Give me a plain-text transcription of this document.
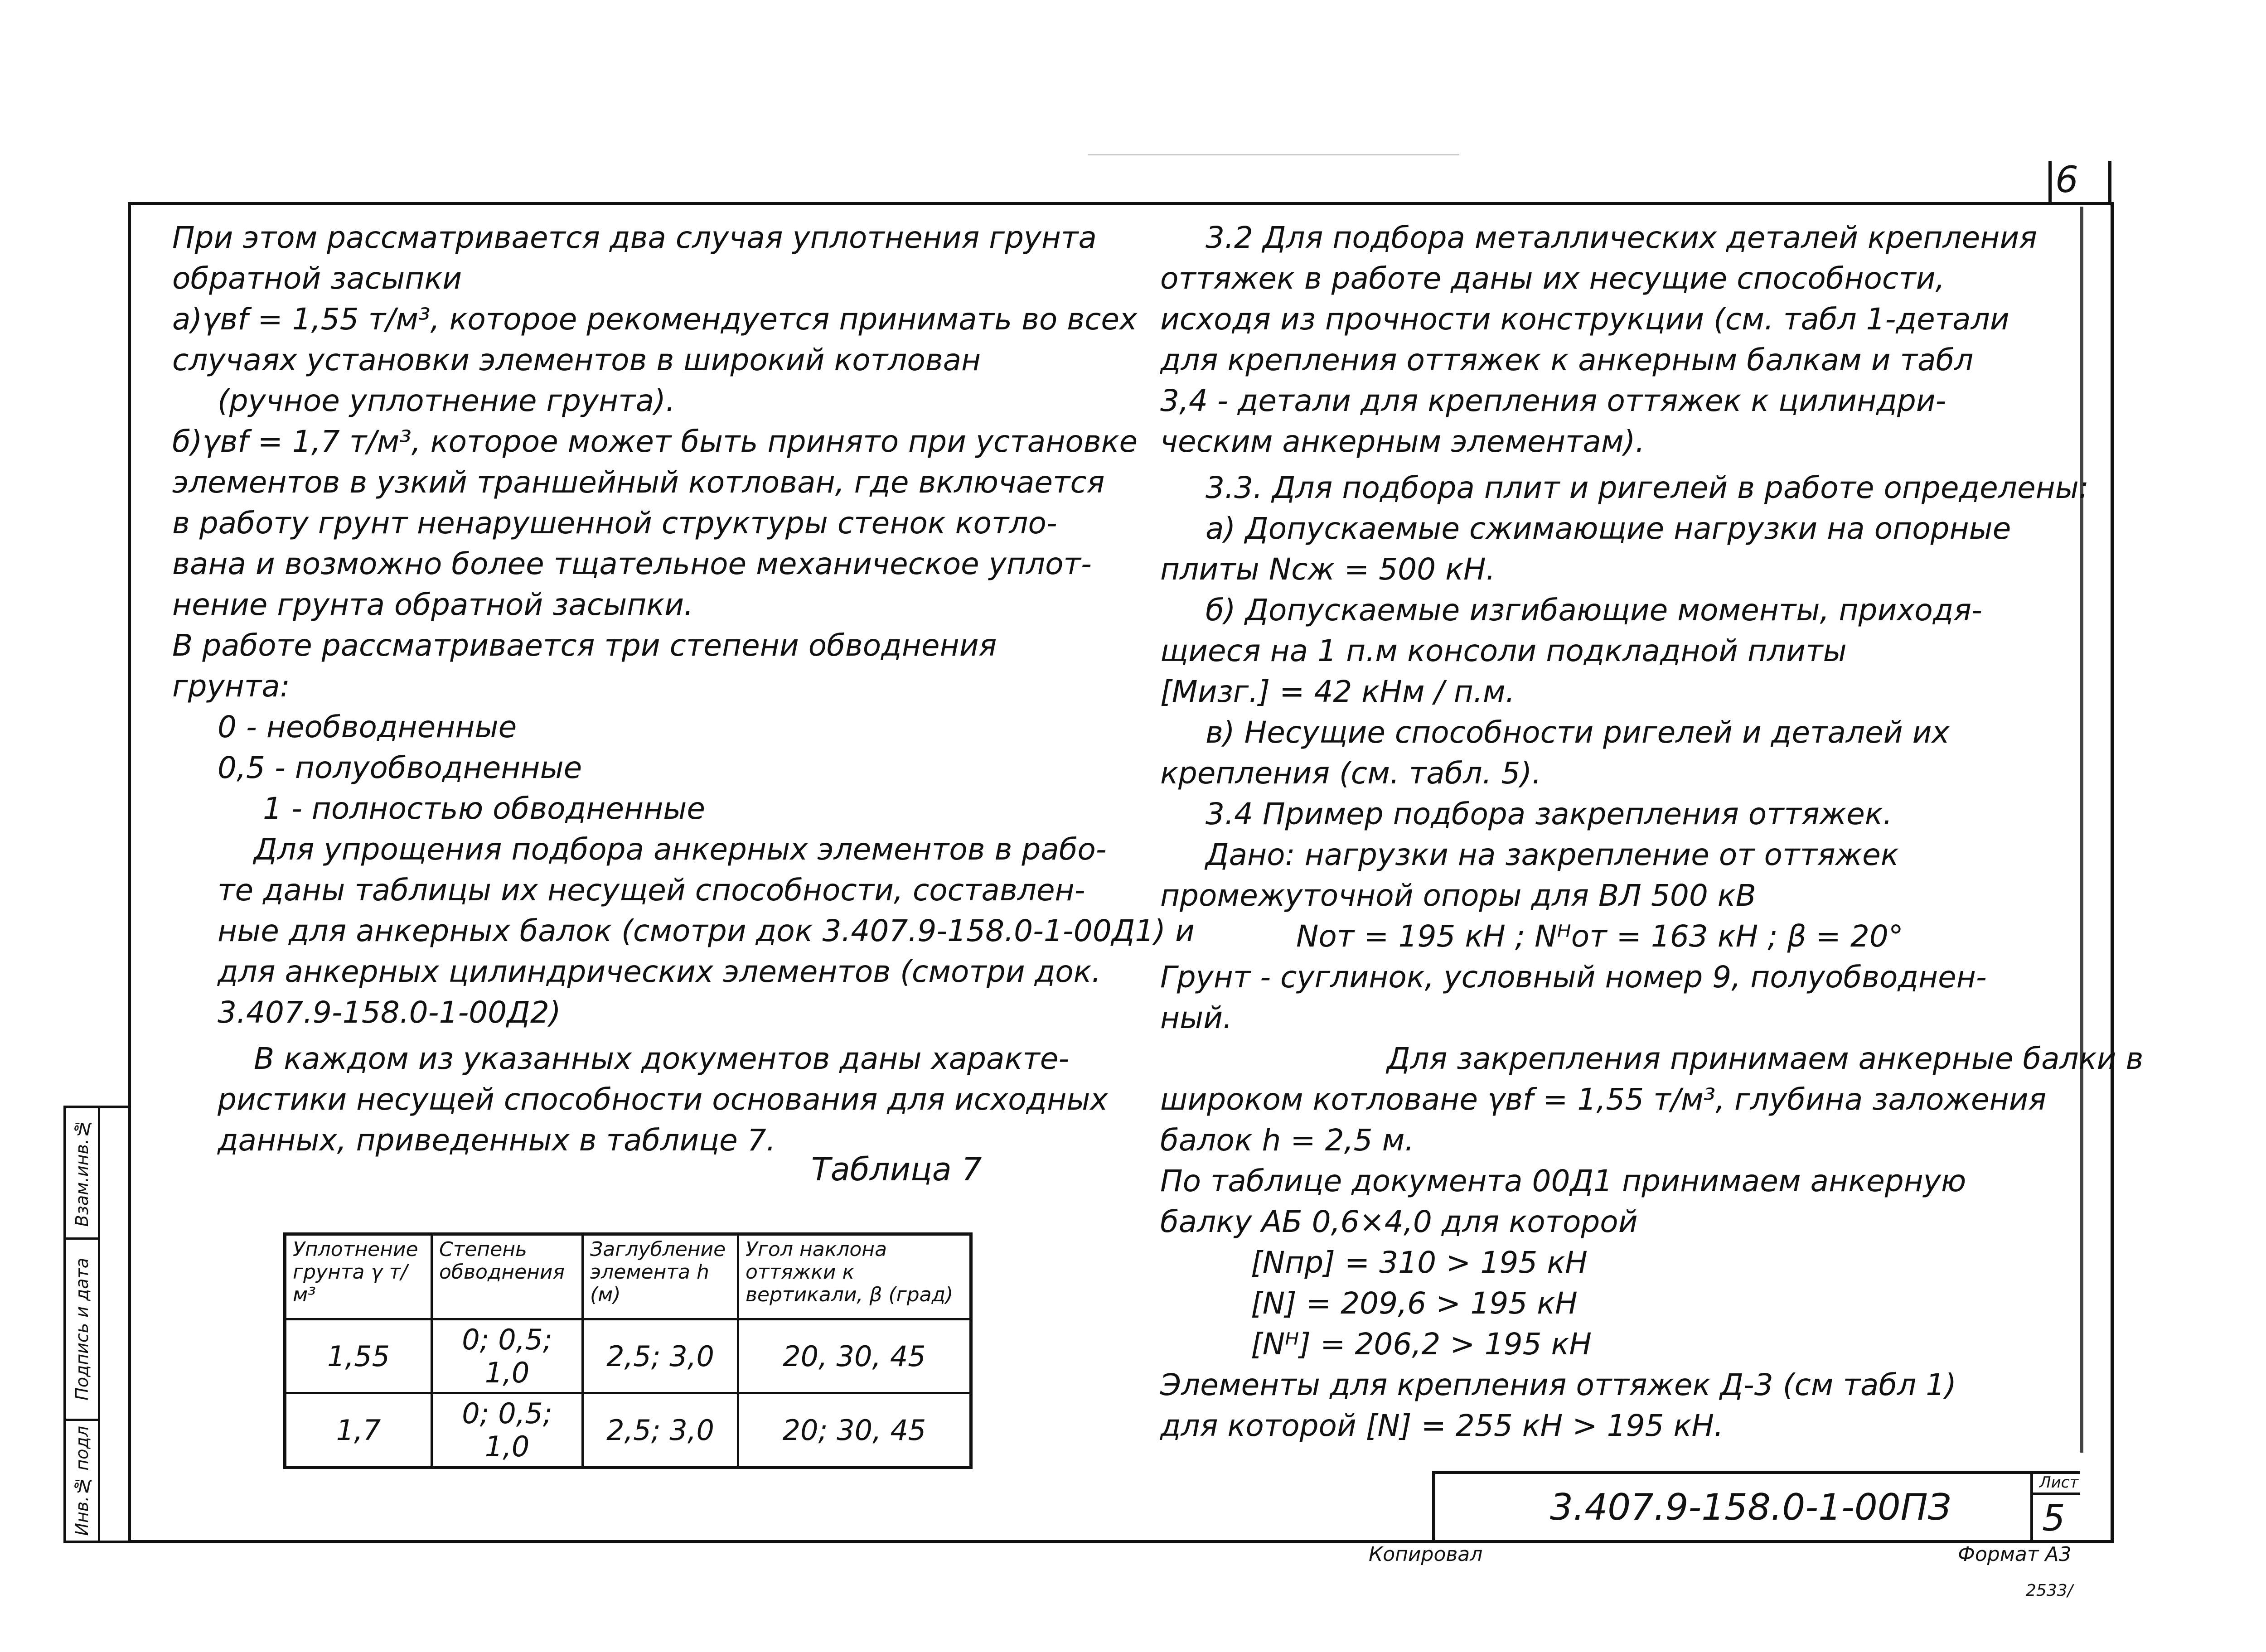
6
Взам.инв.№
Подпись и дата
Инв.№ подл
При этом рассматривается два случая уплотнения грунта
обратной засыпки
а)γвf = 1,55 т/м³, которое рекомендуется принимать во всех
случаях установки элементов в широкий котлован
(ручное уплотнение грунта).
б)γвf = 1,7 т/м³, которое может быть принято при установке
элементов в узкий траншейный котлован, где включается
в работу грунт ненарушенной структуры стенок котло-
вана и возможно более тщательное механическое уплот-
нение грунта обратной засыпки.
В работе рассматривается три степени обводнения
грунта:
0 - необводненные
0,5 - полуобводненные
1 - полностью обводненные
Для упрощения подбора анкерных элементов в рабо-
те даны таблицы их несущей способности, составлен-
ные для анкерных балок (смотри док 3.407.9-158.0-1-00Д1) и
для анкерных цилиндрических элементов (смотри док.
3.407.9-158.0-1-00Д2)
В каждом из указанных документов даны характе-
ристики несущей способности основания для исходных
данных, приведенных в таблице 7.
Таблица 7
Уплотнение грунта γ т/м³	Степень обводнения	Заглубление элемента h (м)	Угол наклона оттяжки к вертикали, β (град)
1,55	0; 0,5; 1,0	2,5; 3,0	20, 30, 45
1,7	0; 0,5; 1,0	2,5; 3,0	20; 30, 45
3.2 Для подбора металлических деталей крепления
оттяжек в работе даны их несущие способности,
исходя из прочности конструкции (см. табл 1-детали
для крепления оттяжек к анкерным балкам и табл
3,4 - детали для крепления оттяжек к цилиндри-
ческим анкерным элементам).
3.3. Для подбора плит и ригелей в работе определены:
а) Допускаемые сжимающие нагрузки на опорные
плиты Nсж = 500 кН.
б) Допускаемые изгибающие моменты, приходя-
щиеся на 1 п.м консоли подкладной плиты
[Mизг.] = 42 кНм / п.м.
в) Несущие способности ригелей и деталей их
крепления (см. табл. 5).
3.4 Пример подбора закрепления оттяжек.
Дано: нагрузки на закрепление от оттяжек
промежуточной опоры для ВЛ 500 кВ
Nот = 195 кН ; Nᴴот = 163 кН ; β = 20°
Грунт - суглинок, условный номер 9, полуобводнен-
ный.
Для закрепления принимаем анкерные балки в
широком котловане γвf = 1,55 т/м³, глубина заложения
балок h = 2,5 м.
По таблице документа 00Д1 принимаем анкерную
балку АБ 0,6×4,0 для которой
[Nпр] = 310 > 195 кН
[N] = 209,6 > 195 кН
[Nᴴ] = 206,2 > 195 кН
Элементы для крепления оттяжек Д-3 (см табл 1)
для которой [N] = 255 кН > 195 кН.
3.407.9-158.0-1-00ПЗ
Лист
5
Копировал	Формат А3
2533/
